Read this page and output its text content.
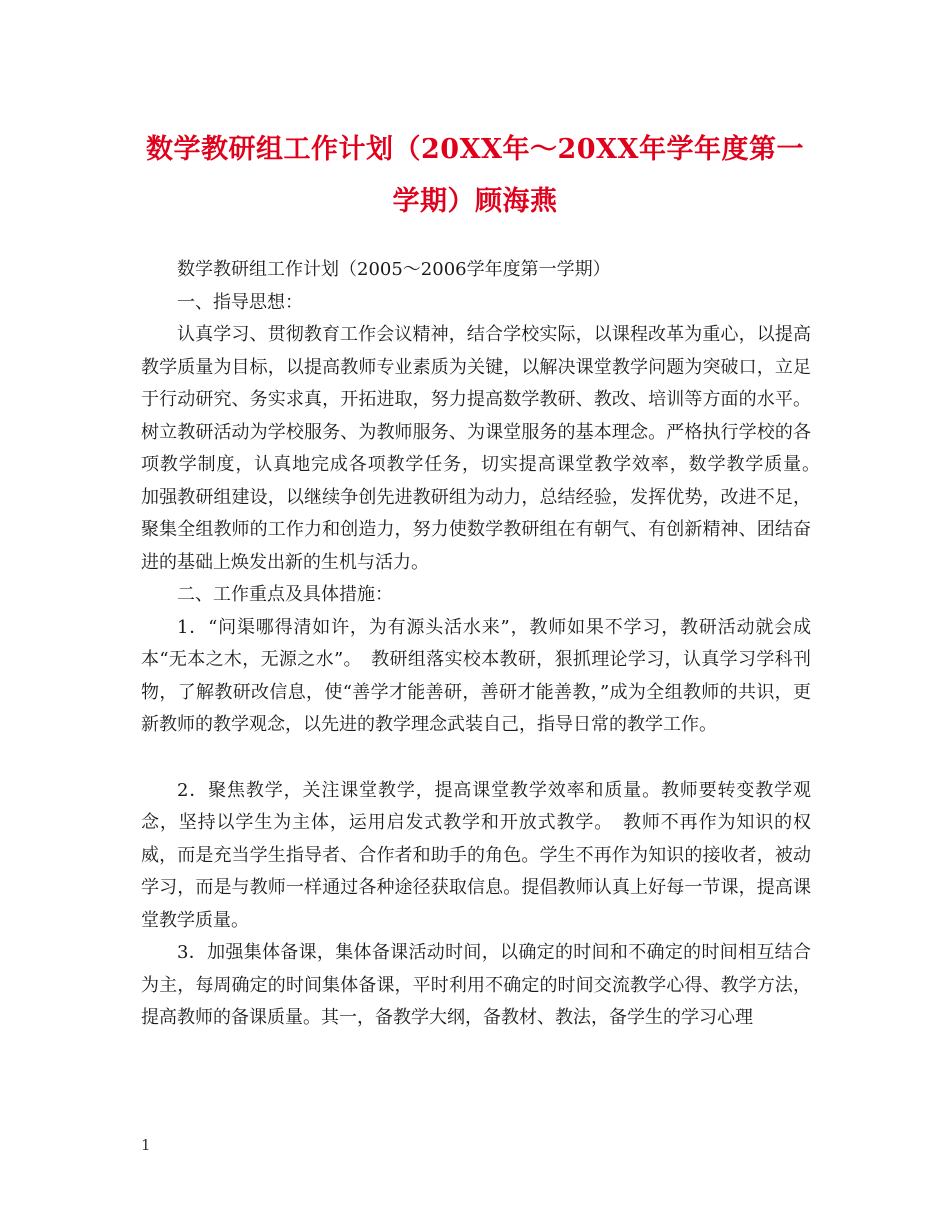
数学教研组工作计划（20XX年～20XX年学年度第一学期）顾海燕

数学教研组工作计划（2005～2006学年度第一学期）

一、指导思想：

认真学习、贯彻教育工作会议精神，结合学校实际，以课程改革为重心，以提高教学质量为目标，以提高教师专业素质为关键，以解决课堂教学问题为突破口，立足于行动研究、务实求真，开拓进取，努力提高数学教研、教改、培训等方面的水平。树立教研活动为学校服务、为教师服务、为课堂服务的基本理念。严格执行学校的各项教学制度，认真地完成各项教学任务，切实提高课堂教学效率，数学教学质量。　加强教研组建设，以继续争创先进教研组为动力，总结经验，发挥优势，改进不足，聚集全组教师的工作力和创造力，努力使数学教研组在有朝气、有创新精神、团结奋进的基础上焕发出新的生机与活力。

二、工作重点及具体措施：

1．“问渠哪得清如许，为有源头活水来”，教师如果不学习，教研活动就会成本“无本之木，无源之水”。　教研组落实校本教研，狠抓理论学习，认真学习学科刊物，了解教研改信息，使“善学才能善研，善研才能善教，”成为全组教师的共识，更新教师的教学观念，以先进的教学理念武装自己，指导日常的教学工作。

2．聚焦教学，关注课堂教学，提高课堂教学效率和质量。教师要转变教学观念，坚持以学生为主体，运用启发式教学和开放式教学。　教师不再作为知识的权威，而是充当学生指导者、合作者和助手的角色。学生不再作为知识的接收者，被动学习，而是与教师一样通过各种途径获取信息。提倡教师认真上好每一节课，提高课堂教学质量。

3．加强集体备课，集体备课活动时间，以确定的时间和不确定的时间相互结合为主，每周确定的时间集体备课，平时利用不确定的时间交流教学心得、教学方法，提高教师的备课质量。其一，备教学大纲，备教材、教法，备学生的学习心理

1
